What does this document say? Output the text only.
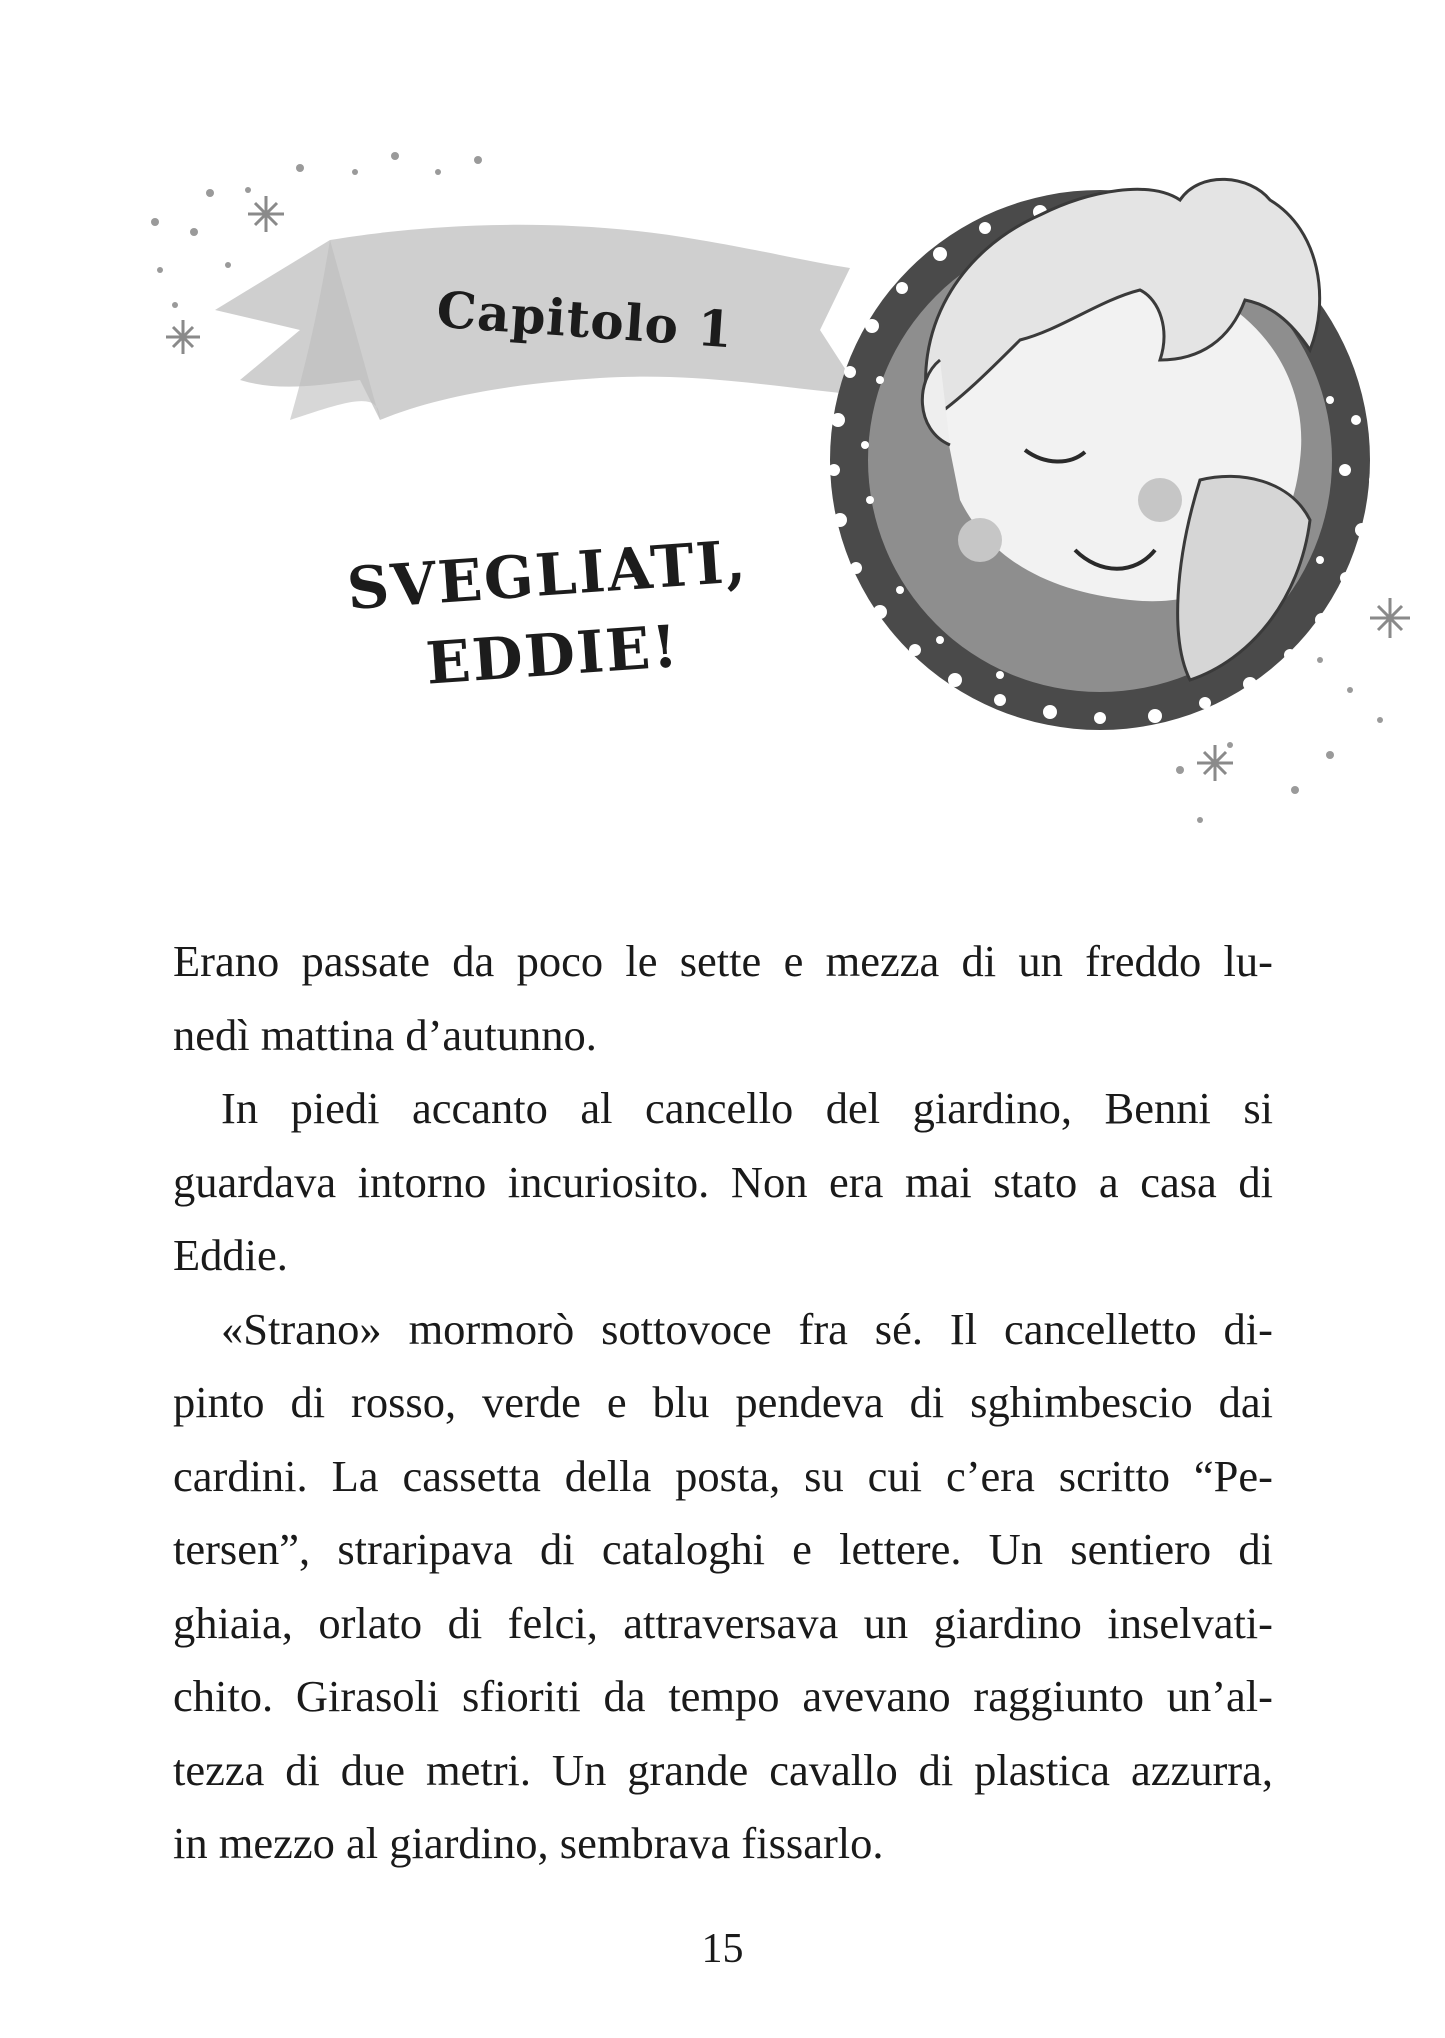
Capitolo 1
SVEGLIATI,
EDDIE!

Erano passate da poco le sette e mezza di un freddo lu-
nedì mattina d’autunno.

In piedi accanto al cancello del giardino, Benni si
guardava intorno incuriosito. Non era mai stato a casa di
Eddie.

«Strano» mormorò sottovoce fra sé. Il cancelletto di-
pinto di rosso, verde e blu pendeva di sghimbescio dai
cardini. La cassetta della posta, su cui c’era scritto “Pe-
tersen”, straripava di cataloghi e lettere. Un sentiero di
ghiaia, orlato di felci, attraversava un giardino inselvati-
chito. Girasoli sfioriti da tempo avevano raggiunto un’al-
tezza di due metri. Un grande cavallo di plastica azzurra,
in mezzo al giardino, sembrava fissarlo.

15
